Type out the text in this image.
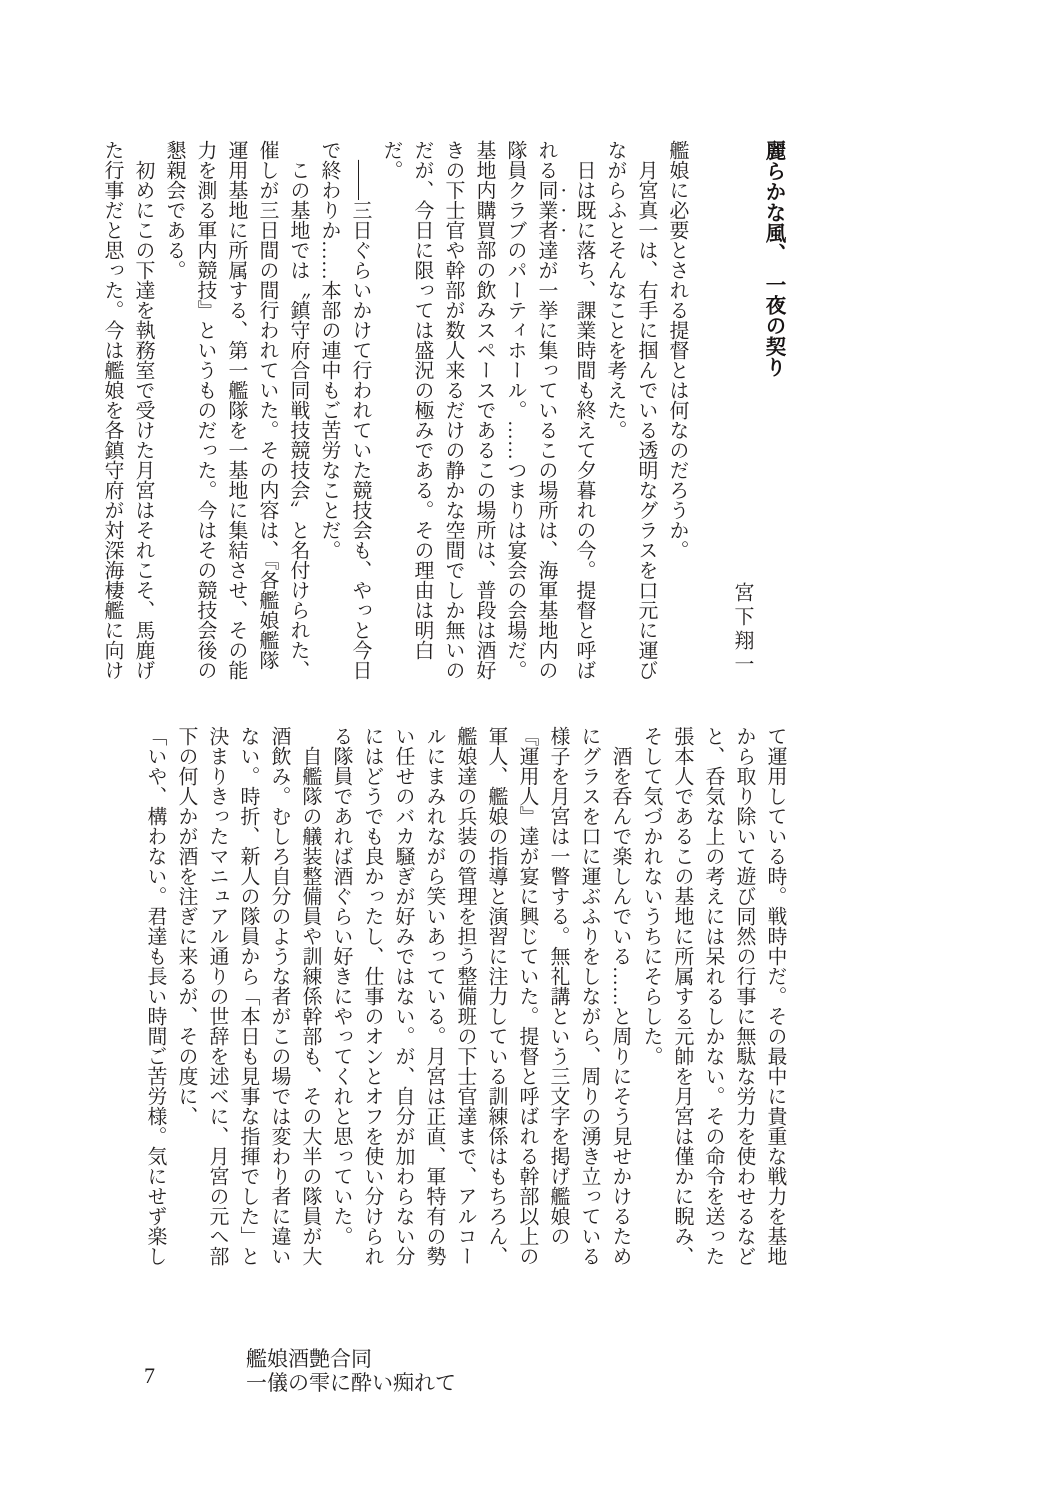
麗らかな風、　一夜の契り

宮下翔一

艦娘に必要とされる提督とは何なのだろうか。

月宮真一は、右手に掴んでいる透明なグラスを口元に運びながらふとそんなことを考えた。

日は既に落ち、課業時間も終えて夕暮れの今。提督と呼ばれる同業者達が一挙に集っているこの場所は、海軍基地内の隊員クラブのパーティホール。……つまりは宴会の会場だ。基地内購買部の飲みスペースであるこの場所は、普段は酒好きの下士官や幹部が数人来るだけの静かな空間でしか無いのだが、今日に限っては盛況の極みである。その理由は明白だ。

――三日ぐらいかけて行われていた競技会も、やっと今日で終わりか……本部の連中もご苦労なことだ。

この基地では〝鎮守府合同戦技競技会〟と名付けられた、催しが三日間の間行われていた。その内容は、『各艦娘艦隊運用基地に所属する、第一艦隊を一基地に集結させ、その能力を測る軍内競技』というものだった。今はその競技会後の懇親会である。

初めにこの下達を執務室で受けた月宮はそれこそ、馬鹿げた行事だと思った。今は艦娘を各鎮守府が対深海棲艦に向け

て運用している時。戦時中だ。その最中に貴重な戦力を基地から取り除いて遊び同然の行事に無駄な労力を使わせるなどと、呑気な上の考えには呆れるしかない。その命令を送った張本人であるこの基地に所属する元帥を月宮は僅かに睨み、そして気づかれないうちにそらした。

酒を呑んで楽しんでいる……と周りにそう見せかけるためにグラスを口に運ぶふりをしながら、周りの湧き立っている様子を月宮は一瞥する。無礼講という三文字を掲げ艦娘の『運用人』達が宴に興じていた。提督と呼ばれる幹部以上の軍人、艦娘の指導と演習に注力している訓練係はもちろん、艦娘達の兵装の管理を担う整備班の下士官達まで、アルコールにまみれながら笑いあっている。月宮は正直、軍特有の勢い任せのバカ騒ぎが好みではない。が、自分が加わらない分にはどうでも良かったし、仕事のオンとオフを使い分けられる隊員であれば酒ぐらい好きにやってくれと思っていた。

自艦隊の艤装整備員や訓練係幹部も、その大半の隊員が大酒飲み。むしろ自分のような者がこの場では変わり者に違いない。時折、新人の隊員から「本日も見事な指揮でした」と決まりきったマニュアル通りの世辞を述べに、月宮の元へ部下の何人かが酒を注ぎに来るが、その度に、

「いや、構わない。君達も長い時間ご苦労様。気にせず楽し

7
艦娘酒艶合同
一儀の雫に酔い痴れて
